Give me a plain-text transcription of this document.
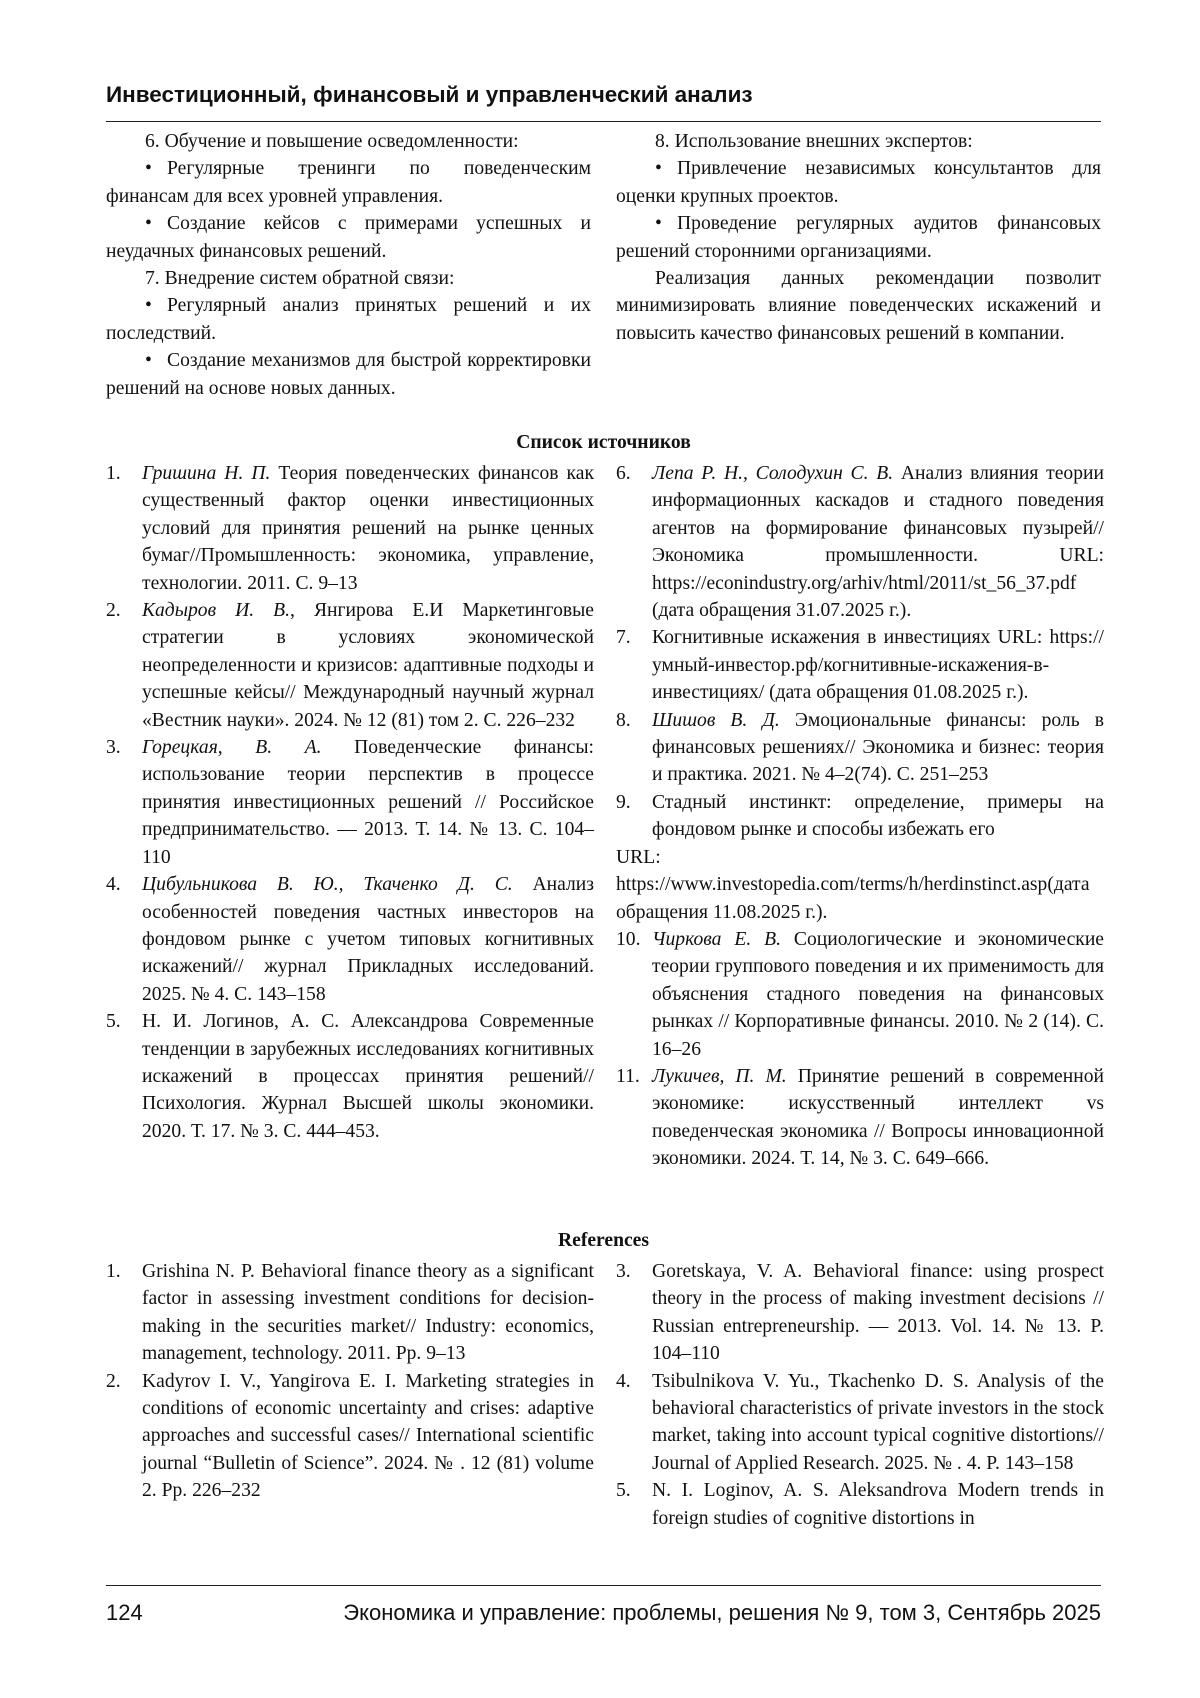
Инвестиционный, финансовый и управленческий анализ

6. Обучение и повышение осведомленности:

• Регулярные тренинги по поведенческим финансам для всех уровней управления.

• Создание кейсов с примерами успешных и неудачных финансовых решений.

7. Внедрение систем обратной связи:

• Регулярный анализ принятых решений и их последствий.

• Создание механизмов для быстрой корректировки решений на основе новых данных.

8. Использование внешних экспертов:

• Привлечение независимых консультантов для оценки крупных проектов.

• Проведение регулярных аудитов финансовых решений сторонними организациями.

Реализация данных рекомендации позволит минимизировать влияние поведенческих искажений и повысить качество финансовых решений в компании.

Список источников
1.	Гришина Н. П. Теория поведенческих финансов как существенный фактор оценки инвестиционных условий для принятия решений на рынке ценных бумаг//Промышленность: экономика, управление, технологии. 2011. С. 9–13
2.	Кадыров И. В., Янгирова Е.И Маркетинговые стратегии в условиях экономической неопределенности и кризисов: адаптивные подходы и успешные кейсы// Международный научный журнал «Вестник науки». 2024. № 12 (81) том 2. С. 226–232
3.	Горецкая, В. А. Поведенческие финансы: использование теории перспектив в процессе принятия инвестиционных решений // Российское предпринимательство. — 2013. Т. 14. № 13. С. 104–110
4.	Цибульникова В. Ю., Ткаченко Д. С. Анализ особенностей поведения частных инвесторов на фондовом рынке с учетом типовых когнитивных искажений// журнал Прикладных исследований. 2025. № 4. С. 143–158
5.	Н. И. Логинов, А. С. Александрова Современные тенденции в зарубежных исследованиях когнитивных искажений в процессах принятия решений//Психология. Журнал Высшей школы экономики. 2020. Т. 17. № 3. С. 444–453.
6.	Лепа Р. Н., Солодухин С. В. Анализ влияния теории информационных каскадов и стадного поведения агентов на формирование финансовых пузырей//Экономика промышленности. URL: https://econindustry.org/arhiv/html/2011/st_56_37.pdf (дата обращения 31.07.2025 г.).
7.	Когнитивные искажения в инвестициях URL: https://умный-инвестор.рф/когнитивные-искажения-в-инвестициях/ (дата обращения 01.08.2025 г.).
8.	Шишов В. Д. Эмоциональные финансы: роль в финансовых решениях// Экономика и бизнес: теория и практика. 2021. № 4–2(74). С. 251–253
9.	Стадный инстинкт: определение, примеры на фондовом рынке и способы избежать его
URL: https://www.investopedia.com/terms/h/herdinstinct.asp(дата обращения 11.08.2025 г.).
10. Чиркова Е. В. Социологические и экономические теории группового поведения и их применимость для объяснения стадного поведения на финансовых рынках // Корпоративные финансы. 2010. № 2 (14). С. 16–26
11. Лукичев, П. М. Принятие решений в современной экономике: искусственный интеллект vs поведенческая экономика // Вопросы инновационной экономики. 2024. Т. 14, № 3. С. 649–666.
References
1.	Grishina N. P. Behavioral finance theory as a significant factor in assessing investment conditions for decision-making in the securities market// Industry: economics, management, technology. 2011. Pp. 9–13
2.	Kadyrov I. V., Yangirova E. I. Marketing strategies in conditions of economic uncertainty and crises: adaptive approaches and successful cases// International scientific journal “Bulletin of Science”. 2024. № . 12 (81) volume 2. Pp. 226–232
3.	Goretskaya, V. A. Behavioral finance: using prospect theory in the process of making investment decisions // Russian entrepreneurship. — 2013. Vol. 14. № 13. P. 104–110
4.	Tsibulnikova V. Yu., Tkachenko D. S. Analysis of the behavioral characteristics of private investors in the stock market, taking into account typical cognitive distortions// Journal of Applied Research. 2025. № . 4. P. 143–158
5.	N. I. Loginov, A. S. Aleksandrova Modern trends in foreign studies of cognitive distortions in
124	Экономика и управление: проблемы, решения № 9, том 3, Сентябрь 2025
